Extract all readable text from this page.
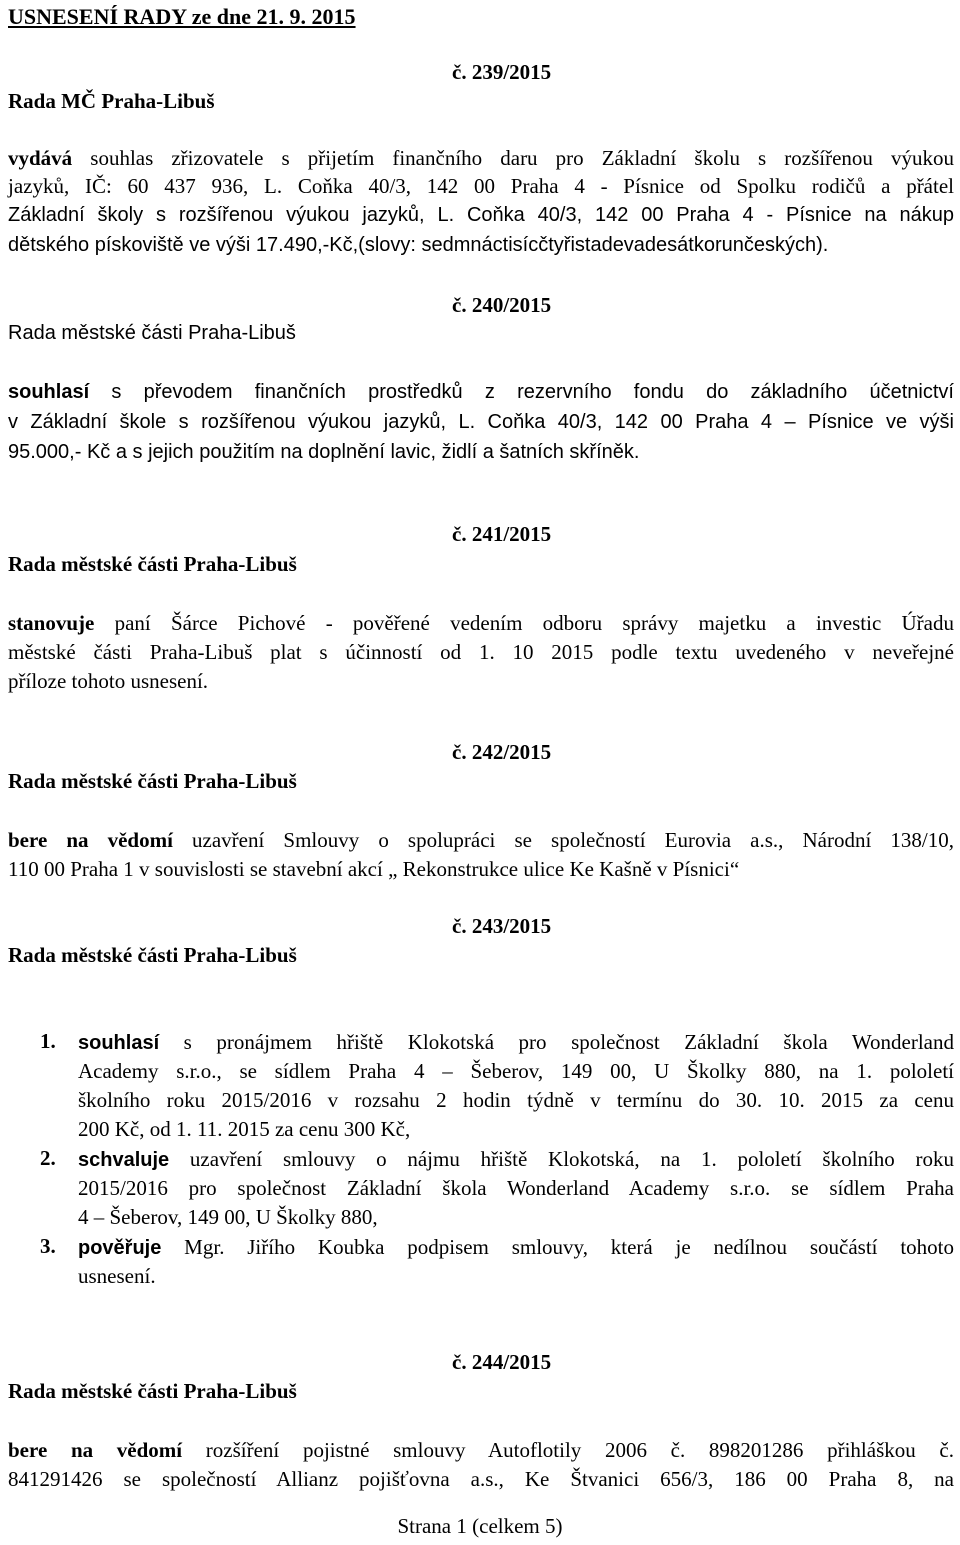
USNESENÍ RADY ze dne 21. 9. 2015
č. 239/2015
Rada MČ Praha-Libuš
vydává souhlas zřizovatele s přijetím finančního daru pro Základní školu s rozšířenou výukou
jazyků, IČ: 60 437 936, L. Coňka 40/3, 142 00 Praha 4 - Písnice od Spolku rodičů a přátel
Základní školy s rozšířenou výukou jazyků, L. Coňka 40/3, 142 00 Praha 4 - Písnice na nákup
dětského pískoviště ve výši 17.490,-Kč,(slovy: sedmnáctisícčtyřistadevadesátkorunčeských).
č. 240/2015
Rada městské části Praha-Libuš
souhlasí s převodem finančních prostředků z rezervního fondu do základního účetnictví
v Základní škole s rozšířenou výukou jazyků, L. Coňka 40/3, 142 00 Praha 4 – Písnice ve výši
95.000,- Kč a s jejich použitím na doplnění lavic, židlí a šatních skříněk.
č. 241/2015
Rada městské části Praha-Libuš
stanovuje paní Šárce Pichové - pověřené vedením odboru správy majetku a investic Úřadu
městské části Praha-Libuš plat s účinností od 1. 10 2015 podle textu uvedeného v neveřejné
příloze tohoto usnesení.
č. 242/2015
Rada městské části Praha-Libuš
bere na vědomí uzavření Smlouvy o spolupráci se společností Eurovia a.s., Národní 138/10,
110 00 Praha 1 v souvislosti se stavební akcí „ Rekonstrukce ulice Ke Kašně v Písnici“
č. 243/2015
Rada městské části Praha-Libuš
1. souhlasí s pronájmem hřiště Klokotská pro společnost Základní škola Wonderland
Academy s.r.o., se sídlem Praha 4 – Šeberov, 149 00, U Školky 880, na 1. pololetí
školního roku 2015/2016 v rozsahu 2 hodin týdně v termínu do 30. 10. 2015 za cenu
200 Kč, od 1. 11. 2015 za cenu 300 Kč,
2. schvaluje uzavření smlouvy o nájmu hřiště Klokotská, na 1. pololetí školního roku
2015/2016 pro společnost Základní škola Wonderland Academy s.r.o. se sídlem Praha
4 – Šeberov, 149 00, U Školky 880,
3. pověřuje Mgr. Jiřího Koubka podpisem smlouvy, která je nedílnou součástí tohoto
usnesení.
č. 244/2015
Rada městské části Praha-Libuš
bere na vědomí rozšíření pojistné smlouvy Autoflotily 2006 č. 898201286 přihláškou č.
841291426 se společností Allianz pojišťovna a.s., Ke Štvanici 656/3, 186 00 Praha 8, na
Strana 1 (celkem 5)
